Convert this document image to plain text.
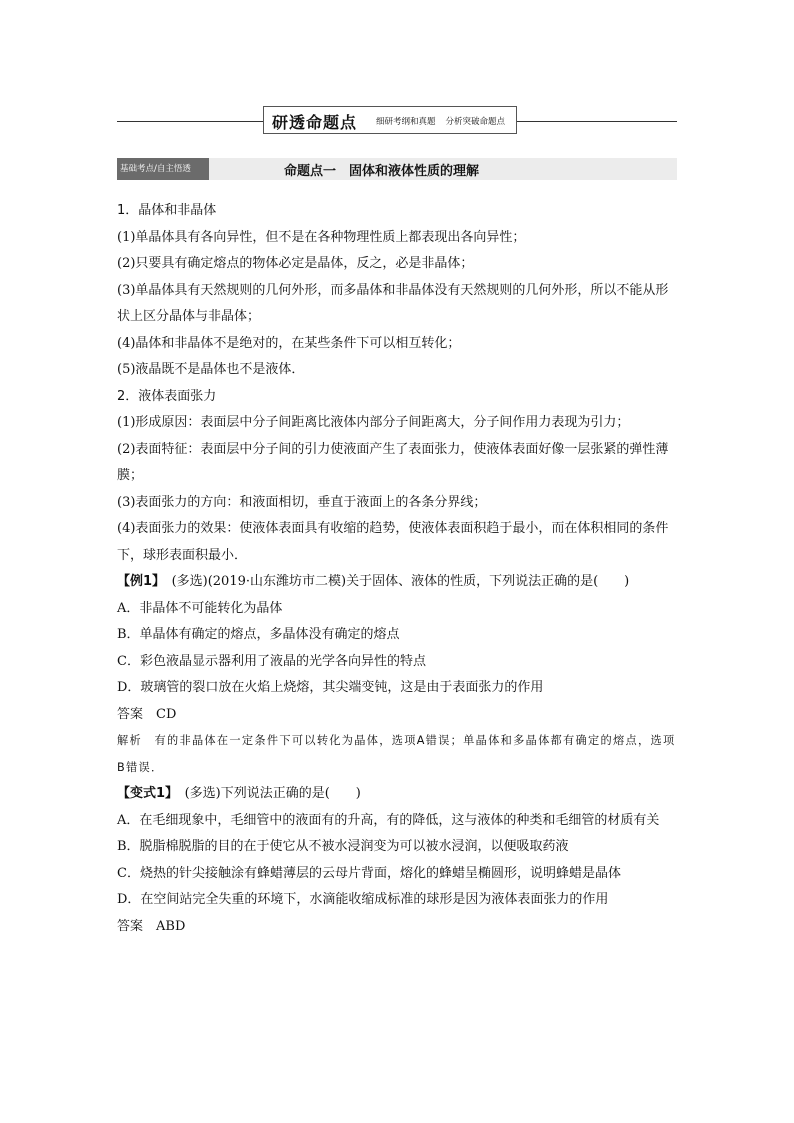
研透命题点 细研考纲和真题 分析突破命题点
基础考点/自主悟透	命题点一　固体和液体性质的理解

1．晶体和非晶体

(1)单晶体具有各向异性，但不是在各种物理性质上都表现出各向异性；

(2)只要具有确定熔点的物体必定是晶体，反之，必是非晶体；

(3)单晶体具有天然规则的几何外形，而多晶体和非晶体没有天然规则的几何外形，所以不能从形状上区分晶体与非晶体；

(4)晶体和非晶体不是绝对的，在某些条件下可以相互转化；

(5)液晶既不是晶体也不是液体．

2．液体表面张力

(1)形成原因：表面层中分子间距离比液体内部分子间距离大，分子间作用力表现为引力；

(2)表面特征：表面层中分子间的引力使液面产生了表面张力，使液体表面好像一层张紧的弹性薄膜；

(3)表面张力的方向：和液面相切，垂直于液面上的各条分界线；

(4)表面张力的效果：使液体表面具有收缩的趋势，使液体表面积趋于最小，而在体积相同的条件下，球形表面积最小．

【例1】　 (多选)(2019·山东潍坊市二模)关于固体、液体的性质，下列说法正确的是(　　)

A．非晶体不可能转化为晶体

B．单晶体有确定的熔点，多晶体没有确定的熔点

C．彩色液晶显示器利用了液晶的光学各向异性的特点

D．玻璃管的裂口放在火焰上烧熔，其尖端变钝，这是由于表面张力的作用

答案　 CD

解析　 有的非晶体在一定条件下可以转化为晶体，选项A错误；单晶体和多晶体都有确定的熔点，选项B错误．

【变式1】　 (多选)下列说法正确的是(　　)

A．在毛细现象中，毛细管中的液面有的升高，有的降低，这与液体的种类和毛细管的材质有关

B．脱脂棉脱脂的目的在于使它从不被水浸润变为可以被水浸润，以便吸取药液

C．烧热的针尖接触涂有蜂蜡薄层的云母片背面，熔化的蜂蜡呈椭圆形，说明蜂蜡是晶体

D．在空间站完全失重的环境下，水滴能收缩成标准的球形是因为液体表面张力的作用

答案　 ABD
